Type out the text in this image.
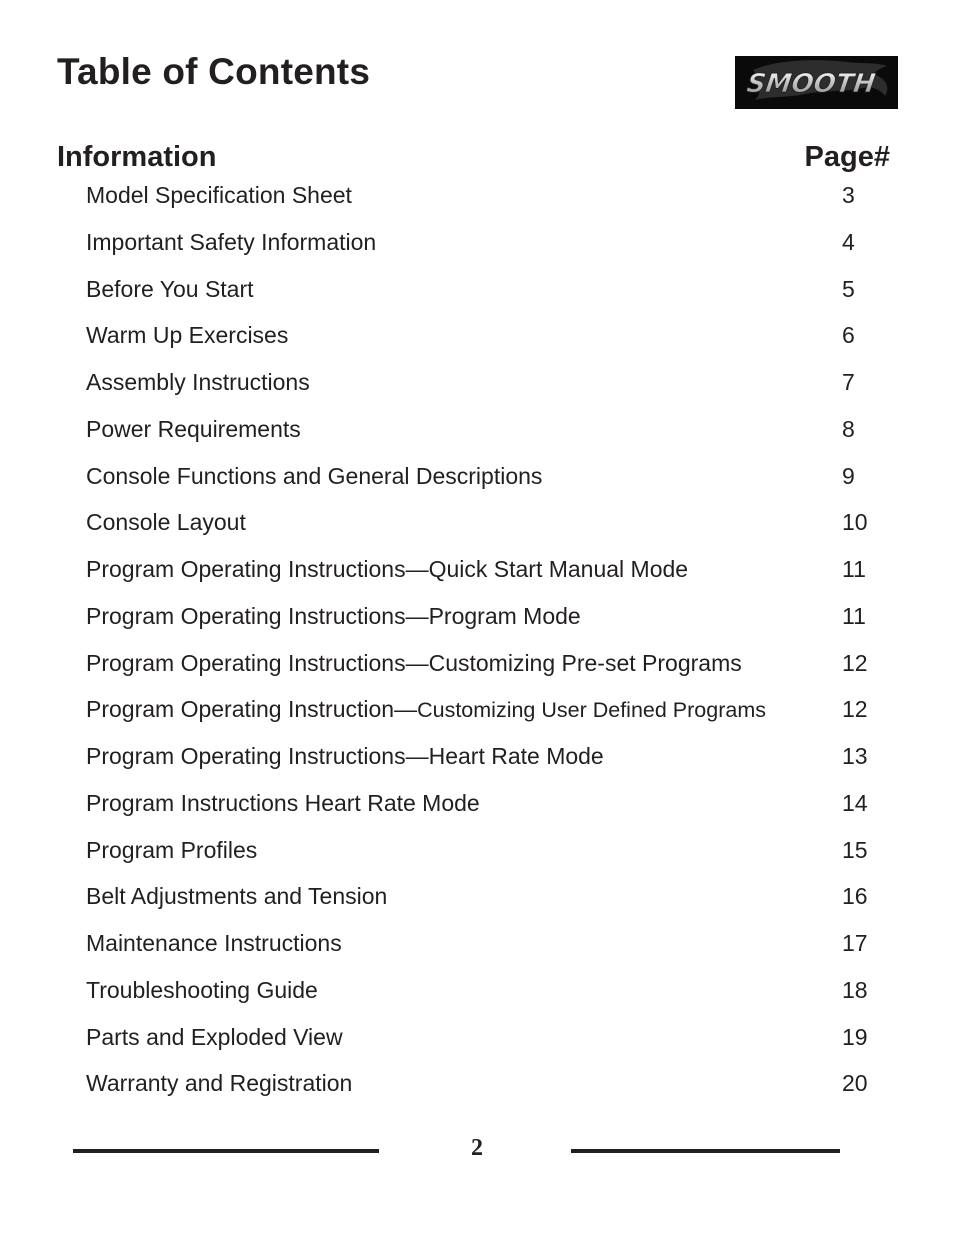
Table of Contents	SMOOTH
Information	Page#
Model Specification Sheet	3
Important Safety Information	4
Before You Start	5
Warm Up Exercises	6
Assembly Instructions	7
Power Requirements	8
Console Functions and General Descriptions	9
Console Layout	10
Program Operating Instructions—Quick Start Manual Mode	11
Program Operating Instructions—Program Mode	11
Program Operating Instructions—Customizing Pre-set Programs	12
Program Operating Instruction—Customizing User Defined Programs	12
Program Operating Instructions—Heart Rate Mode	13
Program Instructions Heart Rate Mode	14
Program Profiles	15
Belt Adjustments and Tension	16
Maintenance Instructions	17
Troubleshooting Guide	18
Parts and Exploded View	19
Warranty and Registration	20
2
